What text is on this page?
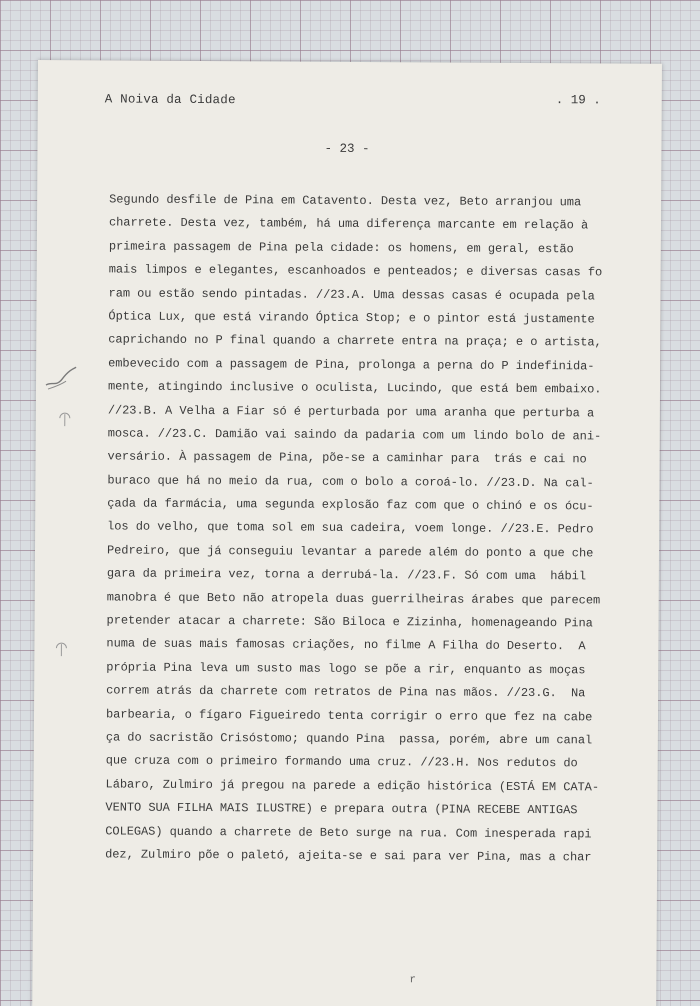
A Noiva da Cidade	. 19 .
- 23 -
Segundo desfile de Pina em Catavento. Desta vez, Beto arranjou uma
charrete. Desta vez, também, há uma diferença marcante em relação à
primeira passagem de Pina pela cidade: os homens, em geral, estão
mais limpos e elegantes, escanhoados e penteados; e diversas casas fo
ram ou estão sendo pintadas. //23.A. Uma dessas casas é ocupada pela
Óptica Lux, que está virando Óptica Stop; e o pintor está justamente
caprichando no P final quando a charrete entra na praça; e o artista,
embevecido com a passagem de Pina, prolonga a perna do P indefinida-
mente, atingindo inclusive o oculista, Lucindo, que está bem embaixo.
//23.B. A Velha a Fiar só é perturbada por uma aranha que perturba a
mosca. //23.C. Damião vai saindo da padaria com um lindo bolo de ani-
versário. À passagem de Pina, põe-se a caminhar para  trás e cai no
buraco que há no meio da rua, com o bolo a coroá-lo. //23.D. Na cal-
çada da farmácia, uma segunda explosão faz com que o chinó e os ócu-
los do velho, que toma sol em sua cadeira, voem longe. //23.E. Pedro
Pedreiro, que já conseguiu levantar a parede além do ponto a que che
gara da primeira vez, torna a derrubá-la. //23.F. Só com uma  hábil
manobra é que Beto não atropela duas guerrilheiras árabes que parecem
pretender atacar a charrete: São Biloca e Zizinha, homenageando Pina
numa de suas mais famosas criações, no filme A Filha do Deserto.  A
própria Pina leva um susto mas logo se põe a rir, enquanto as moças
correm atrás da charrete com retratos de Pina nas mãos. //23.G.  Na
barbearia, o fígaro Figueiredo tenta corrigir o erro que fez na cabe
ça do sacristão Crisóstomo; quando Pina  passa, porém, abre um canal
que cruza com o primeiro formando uma cruz. //23.H. Nos redutos do
Lábaro, Zulmiro já pregou na parede a edição histórica (ESTÁ EM CATA-
VENTO SUA FILHA MAIS ILUSTRE) e prepara outra (PINA RECEBE ANTIGAS
COLEGAS) quando a charrete de Beto surge na rua. Com inesperada rapi
dez, Zulmiro põe o paletó, ajeita-se e sai para ver Pina, mas a char
r
